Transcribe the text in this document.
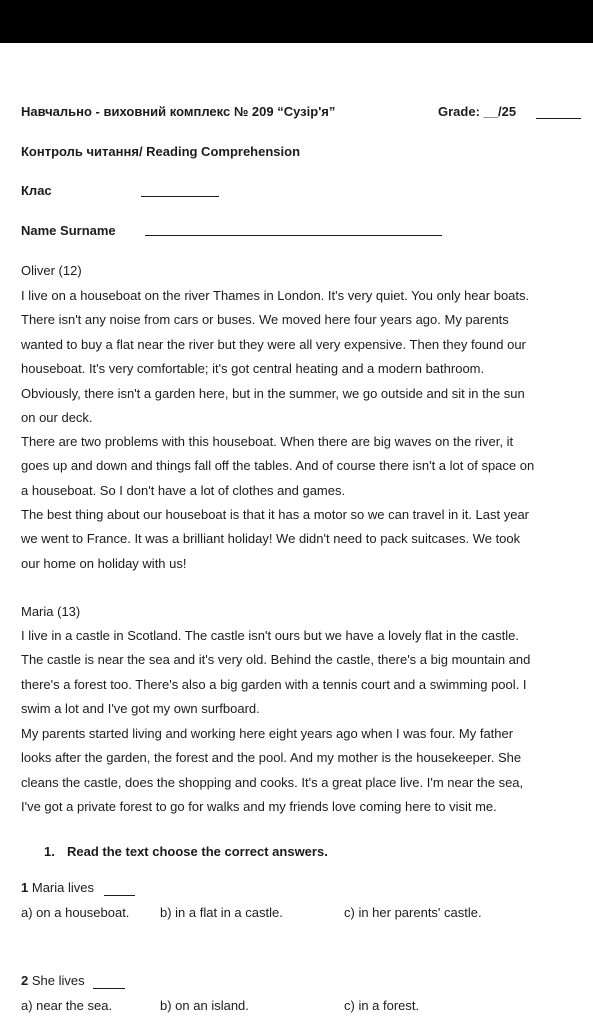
Навчально - виховний комплекс № 209 “Сузір'я”	Grade: __/25
Контроль читання/ Reading Comprehension
Клас
Name Surname
Oliver (12)
I live on a houseboat on the river Thames in London. It's very quiet. You only hear boats.
There isn't any noise from cars or buses. We moved here four years ago. My parents
wanted to buy a flat near the river but they were all very expensive. Then they found our
houseboat. It's very comfortable; it's got central heating and a modern bathroom.
Obviously, there isn't a garden here, but in the summer, we go outside and sit in the sun
on our deck.
There are two problems with this houseboat. When there are big waves on the river, it
goes up and down and things fall off the tables. And of course there isn't a lot of space on
a houseboat. So I don't have a lot of clothes and games.
The best thing about our houseboat is that it has a motor so we can travel in it. Last year
we went to France. It was a brilliant holiday! We didn't need to pack suitcases. We took
our home on holiday with us!
Maria (13)
I live in a castle in Scotland. The castle isn't ours but we have a lovely flat in the castle.
The castle is near the sea and it's very old. Behind the castle, there's a big mountain and
there's a forest too. There's also a big garden with a tennis court and a swimming pool. I
swim a lot and I've got my own surfboard.
My parents started living and working here eight years ago when I was four. My father
looks after the garden, the forest and the pool. And my mother is the housekeeper. She
cleans the castle, does the shopping and cooks. It's a great place live. I'm near the sea,
I've got a private forest to go for walks and my friends love coming here to visit me.
1. Read the text choose the correct answers.
1 Maria lives
a) on a houseboat. b) in a flat in a castle.	c) in her parents' castle.
2 She lives
a) near the sea.	b) on an island.	c) in a forest.
